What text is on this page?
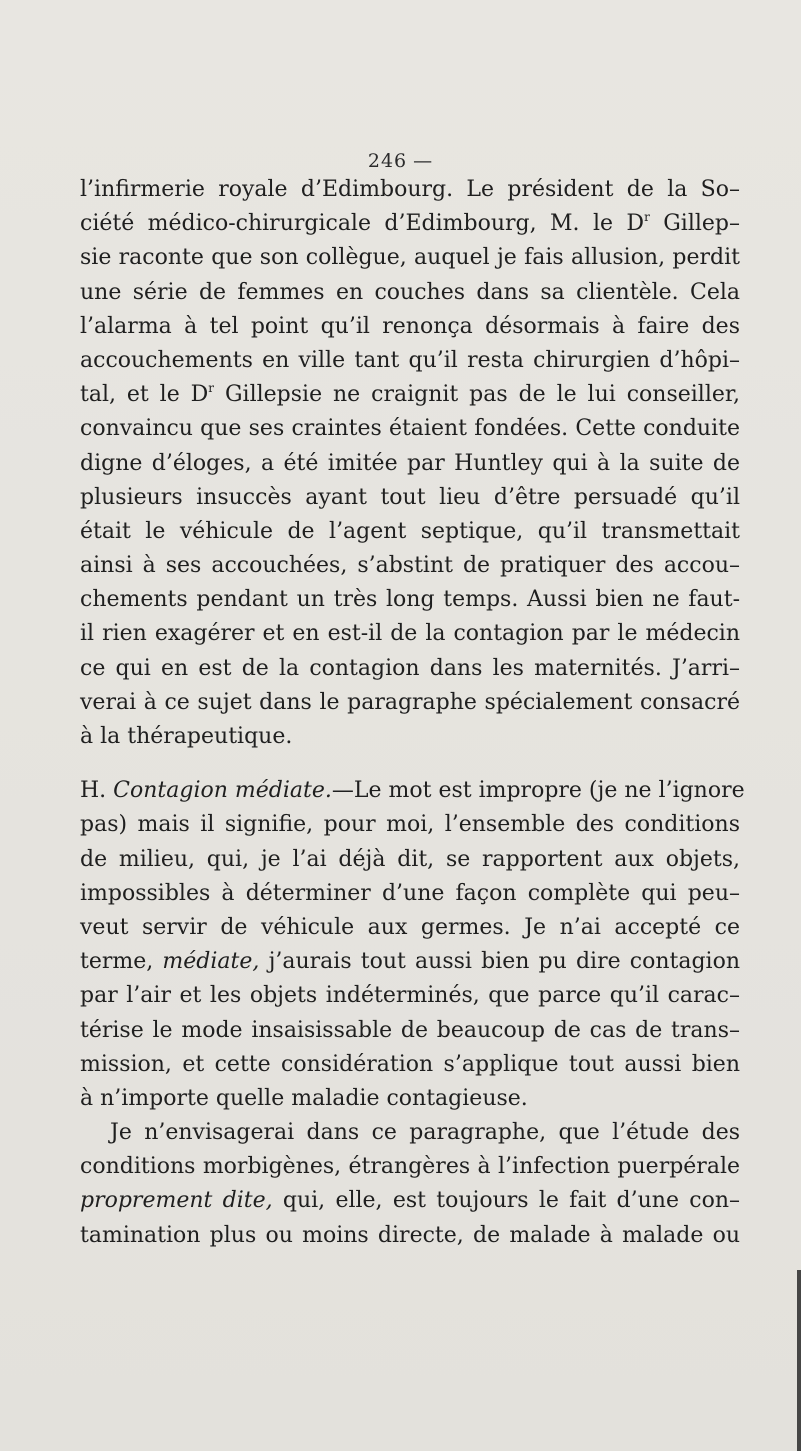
246 —
l’infirmerie royale d’Edimbourg. Le président de la So–
ciété médico-chirurgicale d’Edimbourg, M. le $D^r$ Gillep–
sie raconte que son collègue, auquel je fais allusion, perdit
une série de femmes en couches dans sa clientèle. Cela
l’alarma à tel point qu’il renonça désormais à faire des
accouchements en ville tant qu’il resta chirurgien d’hôpi–
tal, et le $D^r$ Gillepsie ne craignit pas de le lui conseiller,
convaincu que ses craintes étaient fondées. Cette conduite
digne d’éloges, a été imitée par Huntley qui à la suite de
plusieurs insuccès ayant tout lieu d’être persuadé qu’il
était le véhicule de l’agent septique, qu’il transmettait
ainsi à ses accouchées, s’abstint de pratiquer des accou–
chements pendant un très long temps. Aussi bien ne faut-
il rien exagérer et en est-il de la contagion par le médecin
ce qui en est de la contagion dans les maternités. J’arri–
verai à ce sujet dans le paragraphe spécialement consacré
à la thérapeutique.
H. Contagion médiate.—Le mot est impropre (je ne l’ignore
pas) mais il signifie, pour moi, l’ensemble des conditions
de milieu, qui, je l’ai déjà dit, se rapportent aux objets,
impossibles à déterminer d’une façon complète qui peu–
veut servir de véhicule aux germes. Je n’ai accepté ce
terme, médiate, j’aurais tout aussi bien pu dire contagion
par l’air et les objets indéterminés, que parce qu’il carac–
térise le mode insaisissable de beaucoup de cas de trans–
mission, et cette considération s’applique tout aussi bien
à n’importe quelle maladie contagieuse.
Je n’envisagerai dans ce paragraphe, que l’étude des
conditions morbigènes, étrangères à l’infection puerpérale
proprement dite, qui, elle, est toujours le fait d’une con–
tamination plus ou moins directe, de malade à malade ou
